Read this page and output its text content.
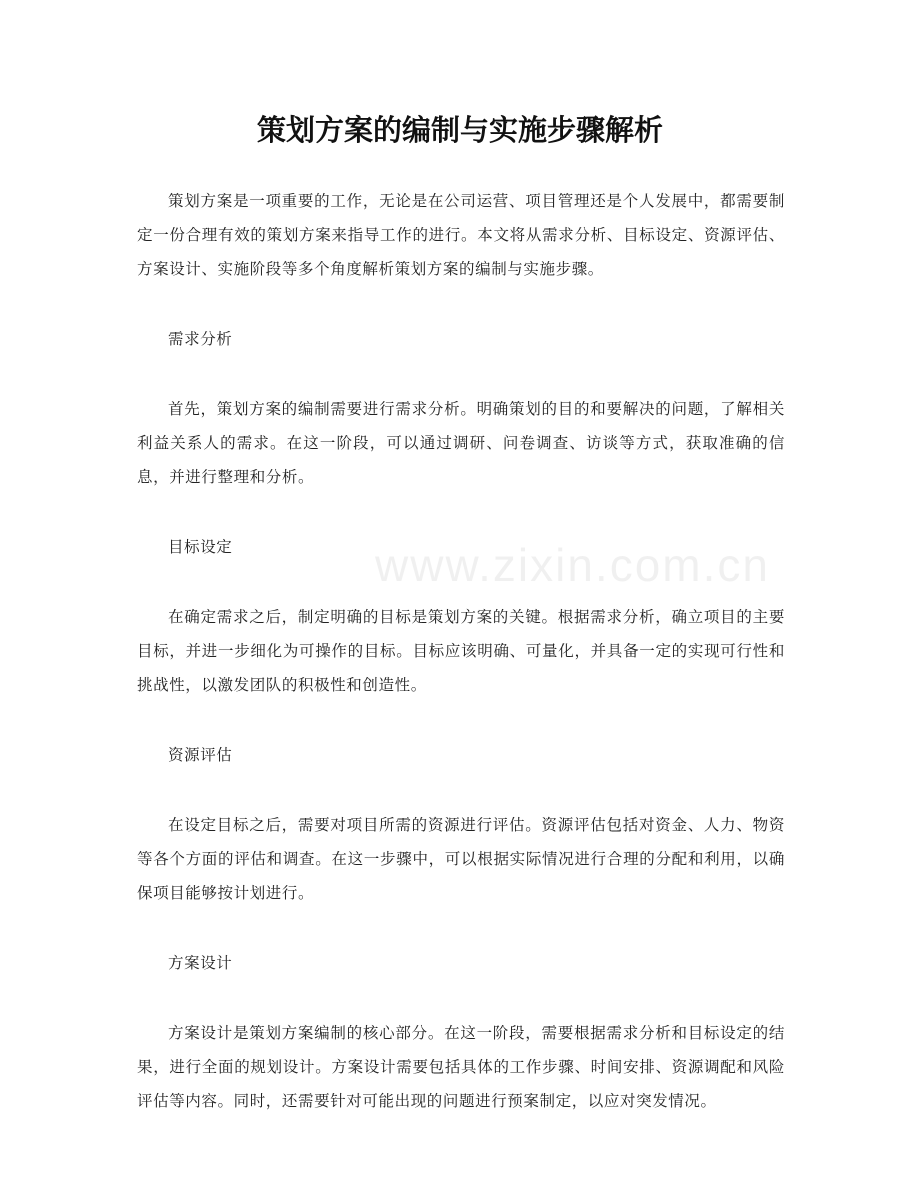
策划方案的编制与实施步骤解析
www.zixin.com.cn

策划方案是一项重要的工作，无论是在公司运营、项目管理还是个人发展中，都需要制定一份合理有效的策划方案来指导工作的进行。本文将从需求分析、目标设定、资源评估、方案设计、实施阶段等多个角度解析策划方案的编制与实施步骤。

需求分析

首先，策划方案的编制需要进行需求分析。明确策划的目的和要解决的问题，了解相关利益关系人的需求。在这一阶段，可以通过调研、问卷调查、访谈等方式，获取准确的信息，并进行整理和分析。

目标设定

在确定需求之后，制定明确的目标是策划方案的关键。根据需求分析，确立项目的主要目标，并进一步细化为可操作的目标。目标应该明确、可量化，并具备一定的实现可行性和挑战性，以激发团队的积极性和创造性。

资源评估

在设定目标之后，需要对项目所需的资源进行评估。资源评估包括对资金、人力、物资等各个方面的评估和调查。在这一步骤中，可以根据实际情况进行合理的分配和利用，以确保项目能够按计划进行。

方案设计

方案设计是策划方案编制的核心部分。在这一阶段，需要根据需求分析和目标设定的结果，进行全面的规划设计。方案设计需要包括具体的工作步骤、时间安排、资源调配和风险评估等内容。同时，还需要针对可能出现的问题进行预案制定，以应对突发情况。
